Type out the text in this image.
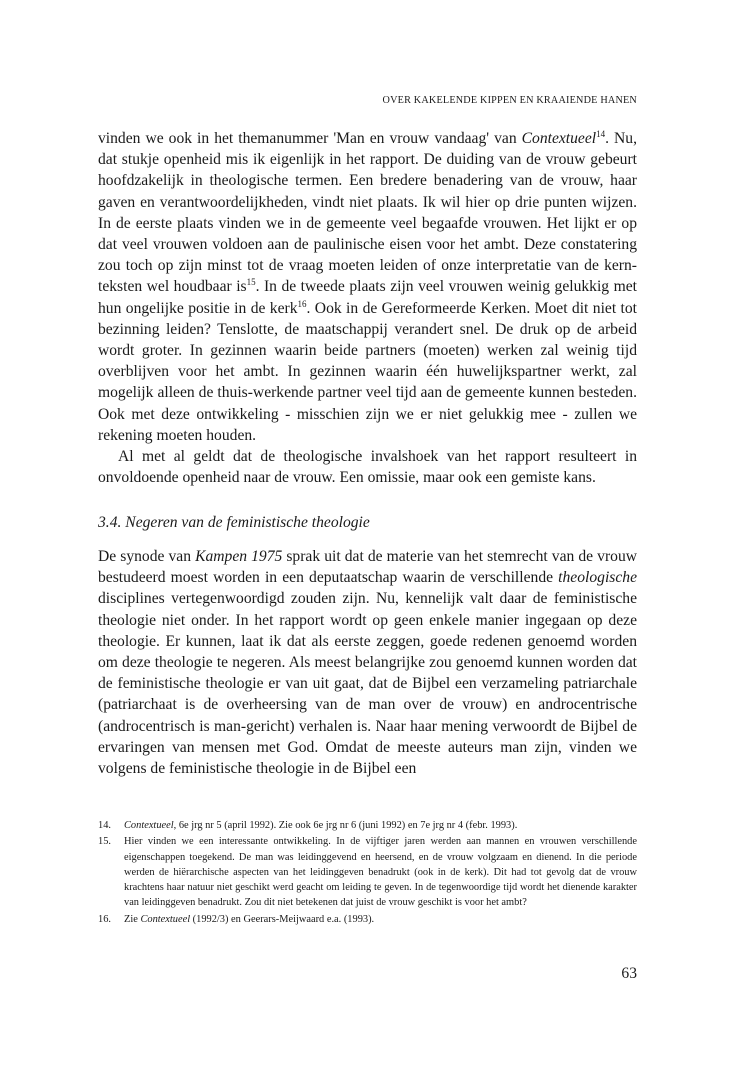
OVER KAKELENDE KIPPEN EN KRAAIENDE HANEN

vinden we ook in het themanummer 'Man en vrouw vandaag' van Contextueel$^{14}$. Nu, dat stukje openheid mis ik eigenlijk in het rapport. De duiding van de vrouw gebeurt hoofdzakelijk in theologische termen. Een bredere benadering van de vrouw, haar gaven en verantwoordelijkheden, vindt niet plaats. Ik wil hier op drie punten wijzen. In de eerste plaats vinden we in de gemeente veel begaafde vrouwen. Het lijkt er op dat veel vrouwen voldoen aan de paulinische eisen voor het ambt. Deze constatering zou toch op zijn minst tot de vraag moeten leiden of onze interpretatie van de kernteksten wel houdbaar $is^{15}$. In de tweede plaats zijn veel vrouwen weinig gelukkig met hun ongelijke positie in de kerk$^{16}$. Ook in de Gereformeerde Kerken. Moet dit niet tot bezinning leiden? Tenslotte, de maatschappij verandert snel. De druk op de arbeid wordt groter. In gezinnen waarin beide partners (moeten) werken zal weinig tijd overblijven voor het ambt. In gezinnen waarin één huwelijkspartner werkt, zal mogelijk alleen de thuis-werkende partner veel tijd aan de gemeente kunnen besteden. Ook met deze ontwikkeling - misschien zijn we er niet gelukkig mee - zullen we rekening moeten houden.

Al met al geldt dat de theologische invalshoek van het rapport resulteert in onvoldoende openheid naar de vrouw. Een omissie, maar ook een gemiste kans.

3.4. Negeren van de feministische theologie

De synode van Kampen 1975 sprak uit dat de materie van het stemrecht van de vrouw bestudeerd moest worden in een deputaatschap waarin de verschillende theologische disciplines vertegenwoordigd zouden zijn. Nu, kennelijk valt daar de feministische theologie niet onder. In het rapport wordt op geen enkele manier ingegaan op deze theologie. Er kunnen, laat ik dat als eerste zeggen, goede redenen genoemd worden om deze theologie te negeren. Als meest belangrijke zou genoemd kunnen worden dat de feministische theologie er van uit gaat, dat de Bijbel een verzameling patriarchale (patriarchaat is de overheersing van de man over de vrouw) en androcentrische (androcentrisch is man-gericht) verhalen is. Naar haar mening verwoordt de Bijbel de ervaringen van mensen met God. Omdat de meeste auteurs man zijn, vinden we volgens de feministische theologie in de Bijbel een

14.	Contextueel, 6e jrg nr 5 (april 1992). Zie ook 6e jrg nr 6 (juni 1992) en 7e jrg nr 4 (febr. 1993).
15.	Hier vinden we een interessante ontwikkeling. In de vijftiger jaren werden aan mannen en vrouwen verschillende eigenschappen toegekend. De man was leidinggevend en heersend, en de vrouw volgzaam en dienend. In die periode werden de hiërarchische aspecten van het leidinggeven benadrukt (ook in de kerk). Dit had tot gevolg dat de vrouw krachtens haar natuur niet geschikt werd geacht om leiding te geven. In de tegenwoordige tijd wordt het dienende karakter van leidinggeven benadrukt. Zou dit niet betekenen dat juist de vrouw geschikt is voor het ambt?
16.	Zie Contextueel (1992/3) en Geerars-Meijwaard e.a. (1993).
63
